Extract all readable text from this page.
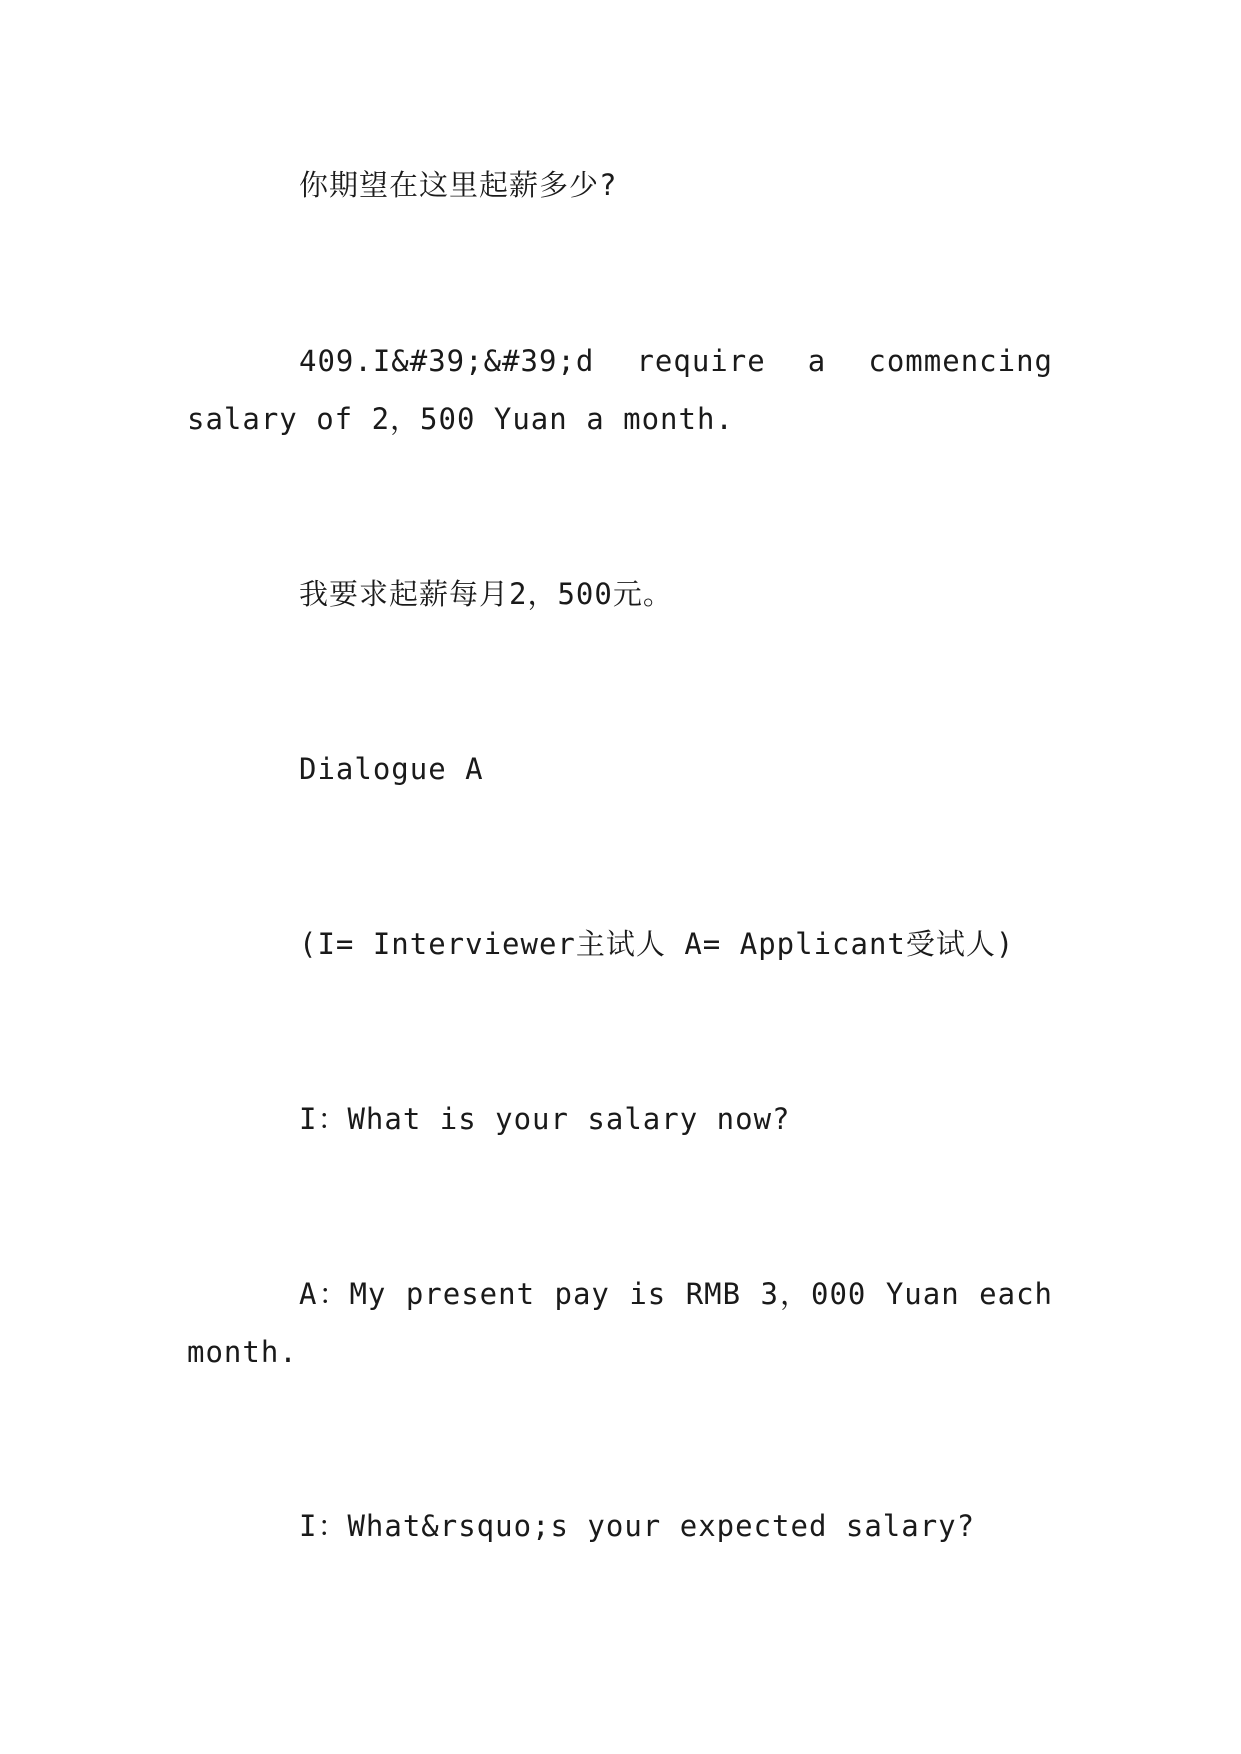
你期望在这里起薪多少?
409.I&#39;&#39;d require a commencing salary of 2，500 Yuan a month.
我要求起薪每月2，500元。
Dialogue A
(I= Interviewer主试人 A= Applicant受试人)
I：What is your salary now?
A：My present pay is RMB 3，000 Yuan each month.
I：What&rsquo;s your expected salary?
